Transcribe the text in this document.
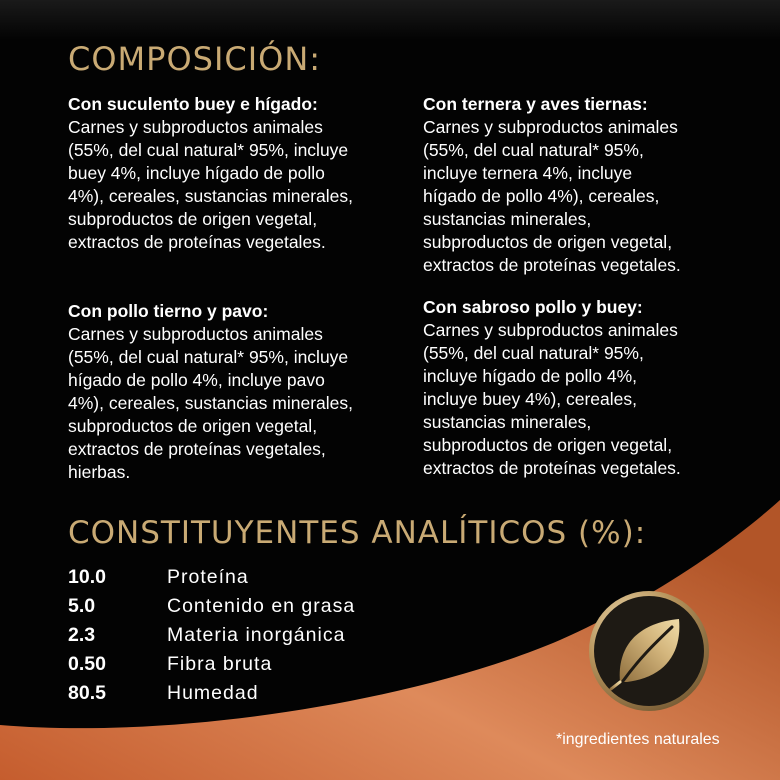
COMPOSICIÓN:
Con suculento buey e hígado:
Carnes y subproductos animales
(55%, del cual natural* 95%, incluye
buey 4%, incluye hígado de pollo
4%), cereales, sustancias minerales,
subproductos de origen vegetal,
extractos de proteínas vegetales.
Con ternera y aves tiernas:
Carnes y subproductos animales
(55%, del cual natural* 95%,
incluye ternera 4%, incluye
hígado de pollo 4%), cereales,
sustancias minerales,
subproductos de origen vegetal,
extractos de proteínas vegetales.
Con pollo tierno y pavo:
Carnes y subproductos animales
(55%, del cual natural* 95%, incluye
hígado de pollo 4%, incluye pavo
4%), cereales, sustancias minerales,
subproductos de origen vegetal,
extractos de proteínas vegetales,
hierbas.
Con sabroso pollo y buey:
Carnes y subproductos animales
(55%, del cual natural* 95%,
incluye hígado de pollo 4%,
incluye buey 4%), cereales,
sustancias minerales,
subproductos de origen vegetal,
extractos de proteínas vegetales.
CONSTITUYENTES ANALÍTICOS (%):
10.0	Proteína
5.0	Contenido en grasa
2.3	Materia inorgánica
0.50	Fibra bruta
80.5	Humedad
*ingredientes naturales
